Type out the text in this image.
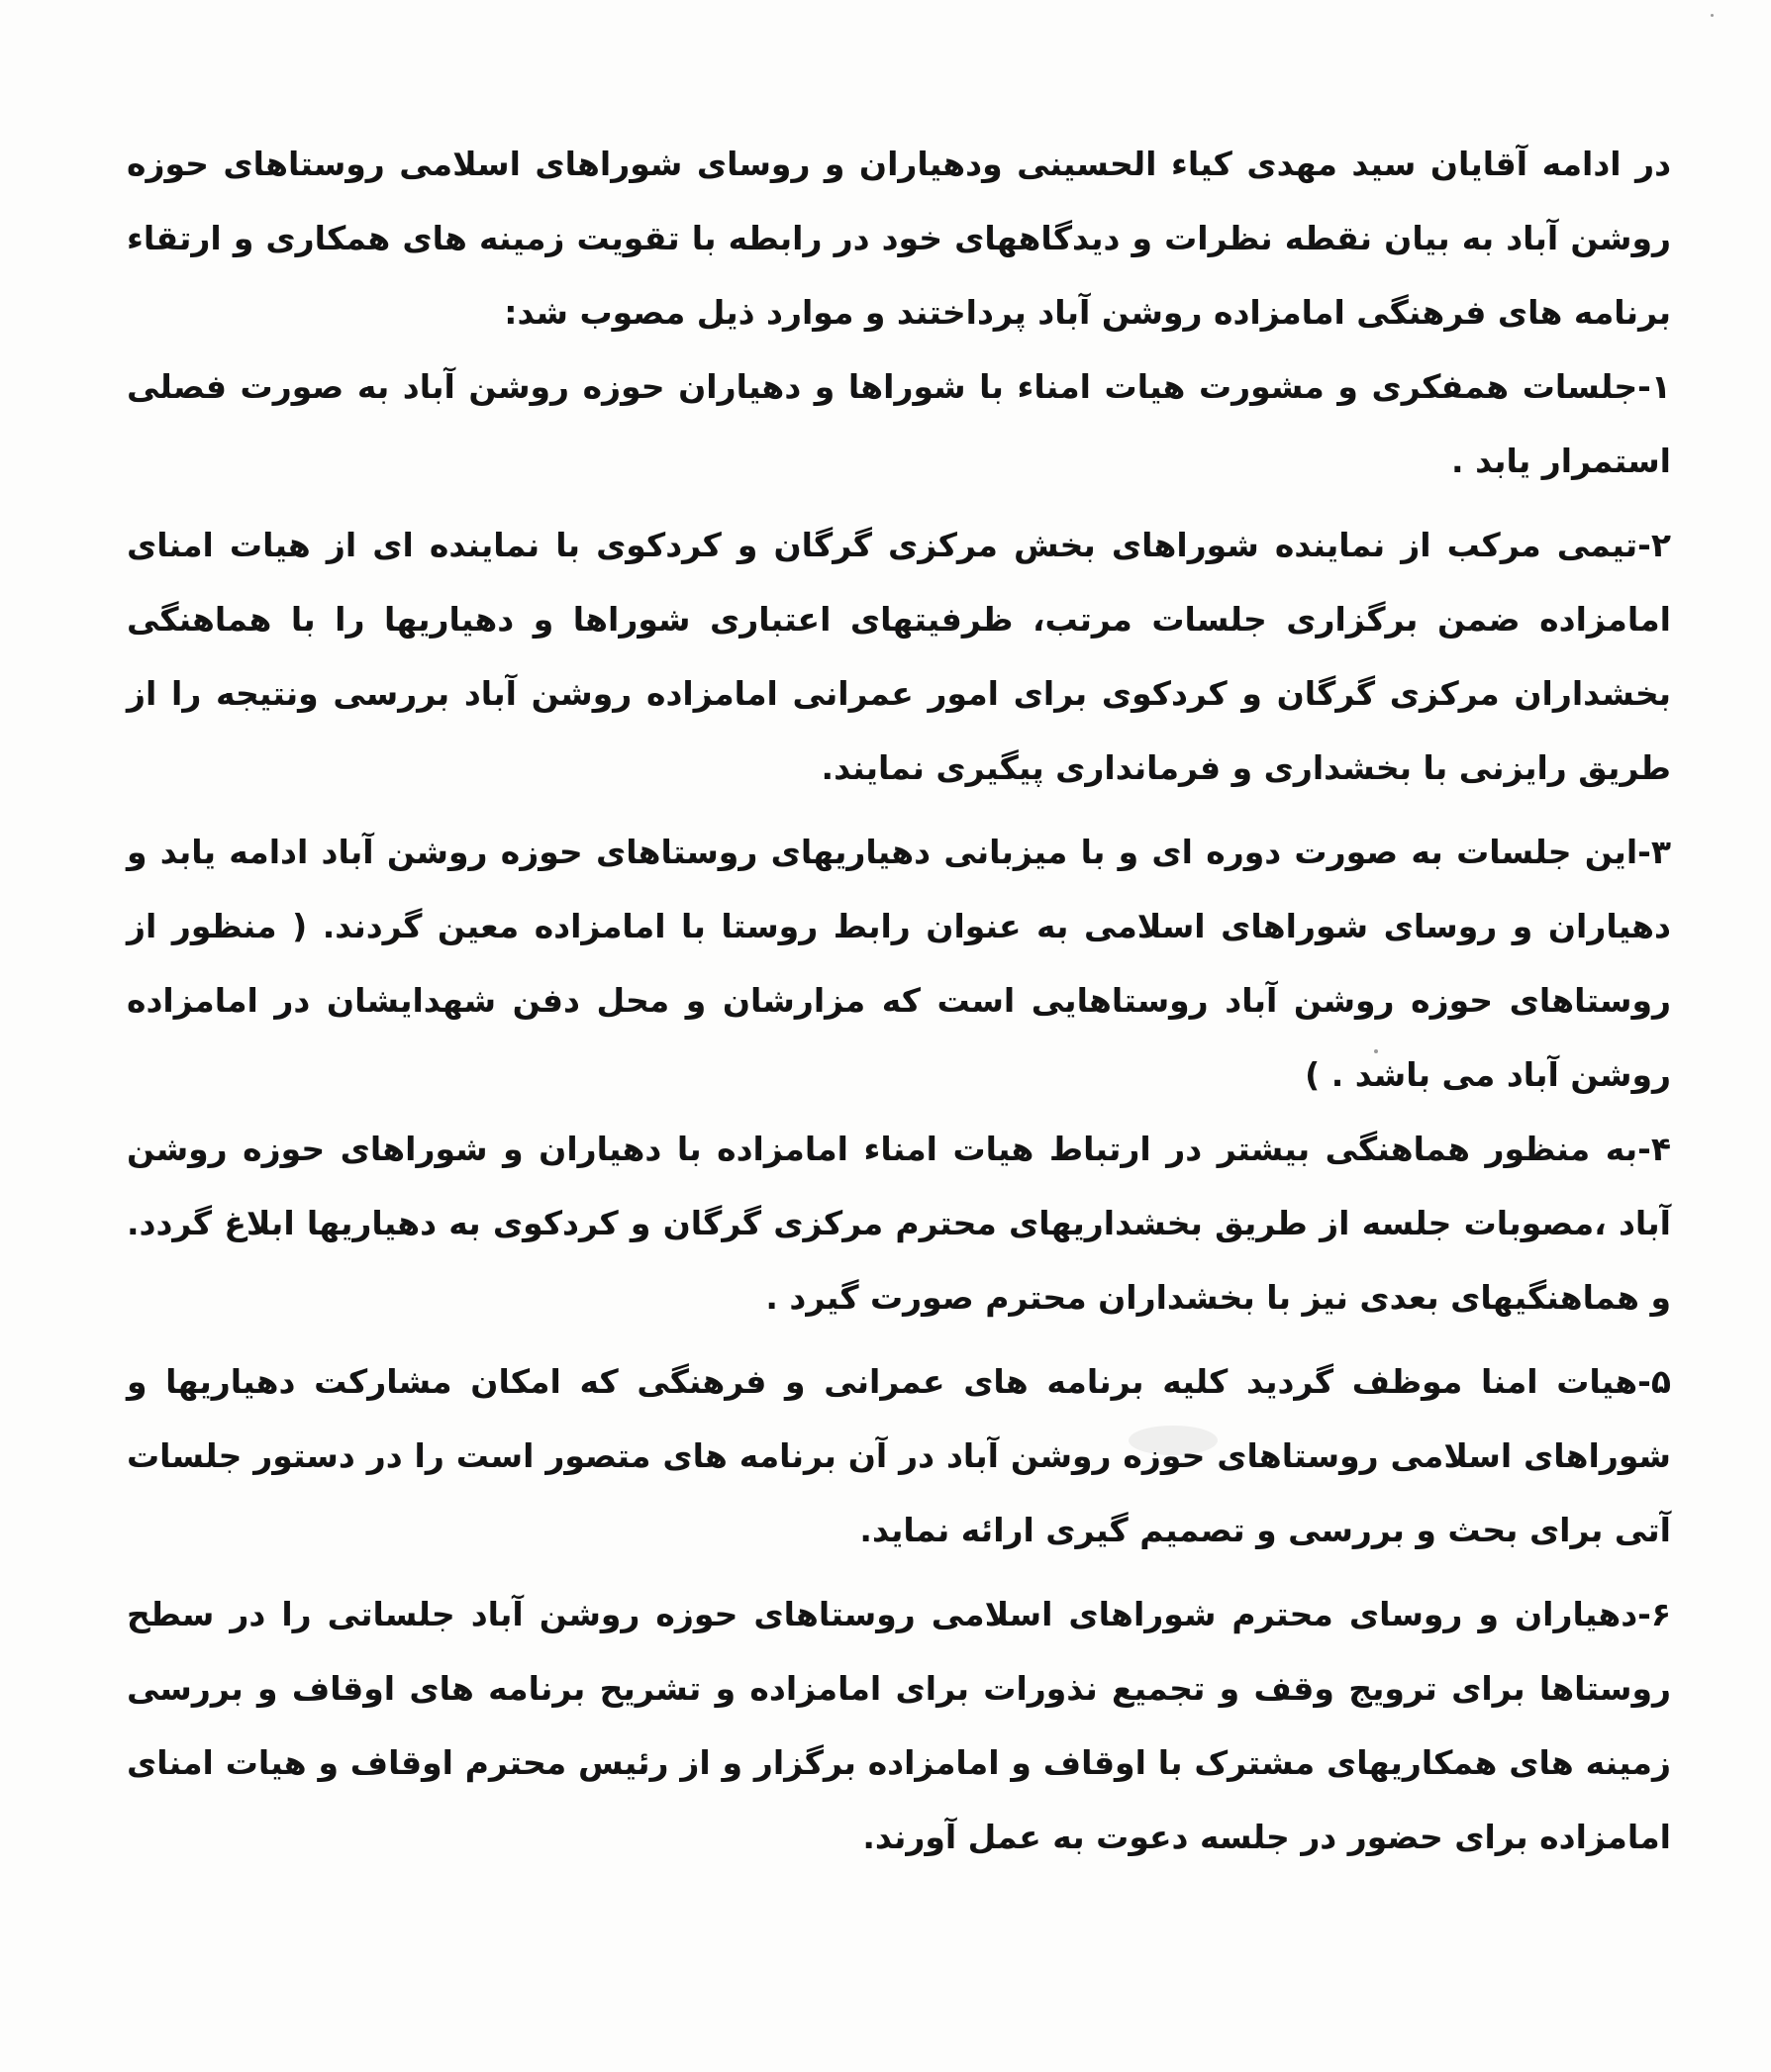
در ادامه آقایان سید مهدی کیاء الحسینی ودهیاران و روسای شوراهای اسلامی روستاهای حوزه روشن آباد به بیان نقطه نظرات و دیدگاههای خود در رابطه با تقویت زمینه های همکاری و ارتقاء برنامه های فرهنگی امامزاده روشن آباد پرداختند و موارد ذیل مصوب شد:

۱-جلسات همفکری و مشورت هیات امناء با شوراها و دهیاران حوزه روشن آباد به صورت فصلی استمرار یابد .

۲-تیمی مرکب از نماینده شوراهای بخش مرکزی گرگان و کردکوی با نماینده ای از هیات امنای امامزاده ضمن برگزاری جلسات مرتب، ظرفیتهای اعتباری شوراها و دهیاریها را با هماهنگی بخشداران مرکزی گرگان و کردکوی برای امور عمرانی امامزاده روشن آباد بررسی ونتیجه را از طریق رایزنی با بخشداری و فرمانداری پیگیری نمایند.

۳-این جلسات به صورت دوره ای و با میزبانی دهیاریهای روستاهای حوزه روشن آباد ادامه یابد و دهیاران و روسای شوراهای اسلامی به عنوان رابط روستا با امامزاده معین گردند. ( منظور از روستاهای حوزه روشن آباد روستاهایی است که مزارشان و محل دفن شهدایشان در امامزاده روشن آباد می باشد . )

۴-به منظور هماهنگی بیشتر در ارتباط هیات امناء امامزاده با دهیاران و شوراهای حوزه روشن آباد ،مصوبات جلسه از طریق بخشداریهای محترم مرکزی گرگان و کردکوی به دهیاریها ابلاغ گردد. و هماهنگیهای بعدی نیز با بخشداران محترم صورت گیرد .

۵-هیات امنا موظف گردید کلیه برنامه های عمرانی و فرهنگی که امکان مشارکت دهیاریها و شوراهای اسلامی روستاهای حوزه روشن آباد در آن برنامه های متصور است را در دستور جلسات آتی برای بحث و بررسی و تصمیم گیری ارائه نماید.

۶-دهیاران و روسای محترم شوراهای اسلامی روستاهای حوزه روشن آباد جلساتی را در سطح روستاها برای ترویج وقف و تجمیع نذورات برای امامزاده و تشریح برنامه های اوقاف و بررسی زمینه های همکاریهای مشترک با اوقاف و امامزاده برگزار و از رئیس محترم اوقاف و هیات امنای امامزاده برای حضور در جلسه دعوت به عمل آورند.
